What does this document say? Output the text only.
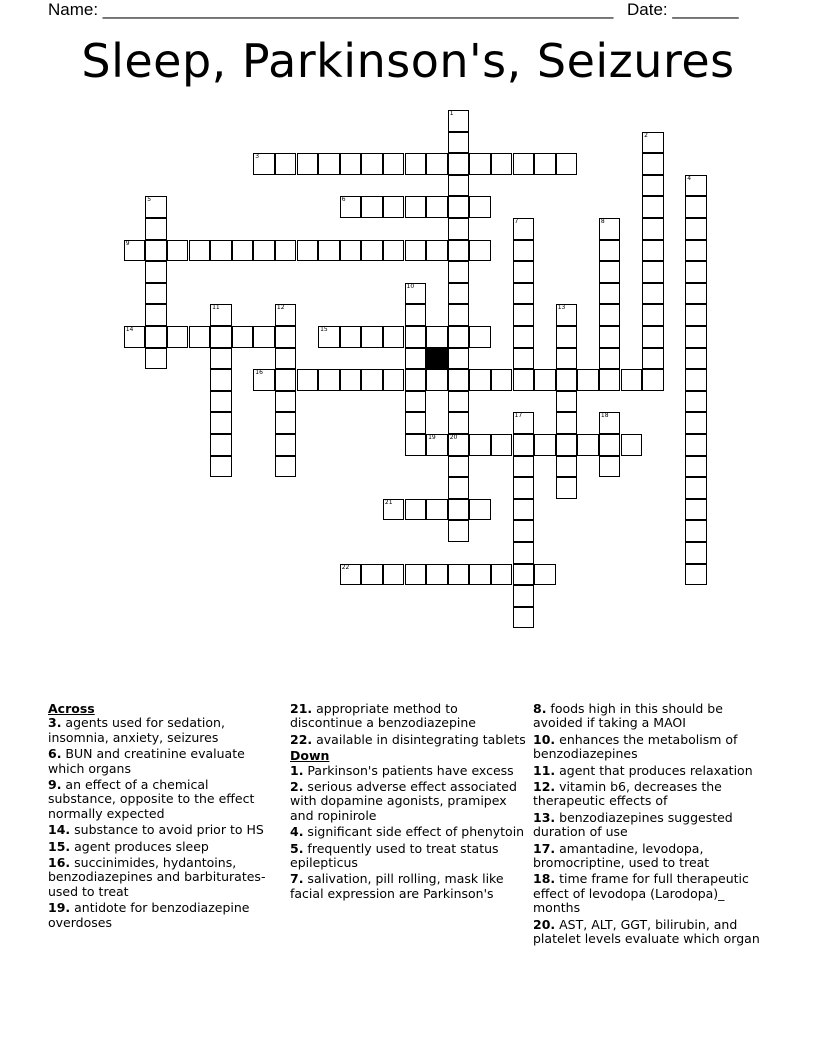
Name: ______________________________________________________ Date: _______
Sleep, Parkinson's, Seizures
1
20
2
3
4
5	6
7	8
9
10
11	12	13
14	15
16
17	18
19
21
22
Across
3. agents used for sedation, insomnia, anxiety, seizures
6. BUN and creatinine evaluate which organs
9. an effect of a chemical substance, opposite to the effect normally expected
14. substance to avoid prior to HS
15. agent produces sleep
16. succinimides, hydantoins, benzodiazepines and barbiturates-used to treat
19. antidote for benzodiazepine overdoses
21. appropriate method to discontinue a benzodiazepine
22. available in disintegrating tablets
Down
1. Parkinson's patients have excess
2. serious adverse effect associated with dopamine agonists, pramipex and ropinirole
4. significant side effect of phenytoin
5. frequently used to treat status epilepticus
7. salivation, pill rolling, mask like facial expression are Parkinson's
8. foods high in this should be avoided if taking a MAOI
10. enhances the metabolism of benzodiazepines
11. agent that produces relaxation
12. vitamin b6, decreases the therapeutic effects of
13. benzodiazepines suggested duration of use
17. amantadine, levodopa, bromocriptine, used to treat
18. time frame for full therapeutic effect of levodopa (Larodopa)_ months
20. AST, ALT, GGT, bilirubin, and platelet levels evaluate which organ
